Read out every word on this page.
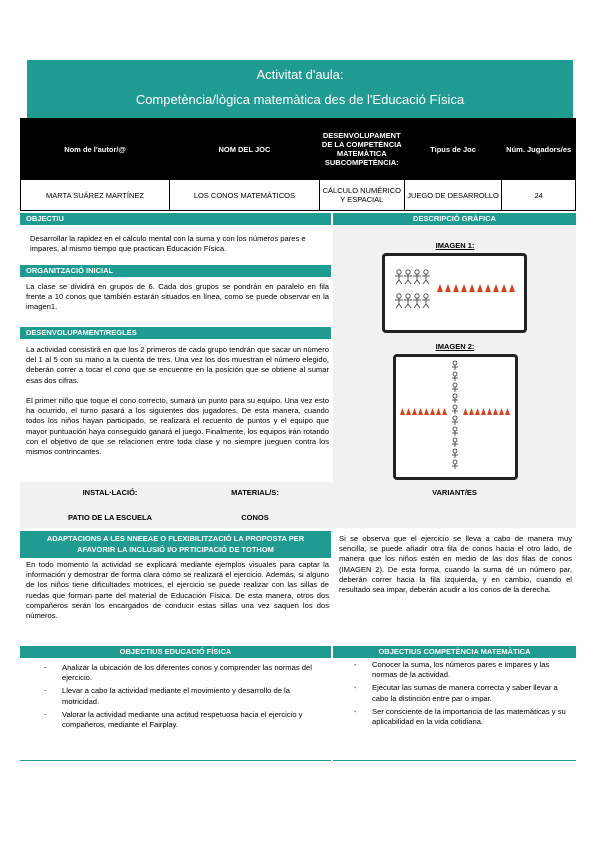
Activitat d'aula:
Competència/lògica matemàtica des de l'Educació Física
Nom de l'autor/@	NOM DEL JOC	DESENVOLUPAMENT DE LA COMPETÈNCIA MATEMÀTICA SUBCOMPETÈNCIA:	Tipus de Joc	Núm. Jugadors/es
MARTA SUÁREZ MARTÍNEZ	LOS CONOS MATEMÁTICOS	CÁLCULO NUMÉRICO Y ESPACIAL	JUEGO DE DESARROLLO	24
OBJECTIU
Desarrollar la rapidez en el cálculo mental con la suma y con los números pares e impares, al mismo tiempo que practican Educación Física.
DESCRIPCIÓ GRÀFICA
IMAGEN 1:
IMAGEN 2:
ORGANITZACIÓ INICIAL
La clase se dividirá en grupos de 6. Cada dos grupos se pondrán en paralelo en fila frente a 10 conos que también estarán situados en línea, como se puede observar en la imagen1.
DESENVOLUPAMENT/REGLES
La actividad consistirá en que los 2 primeros de cada grupo tendrán que sacar un número del 1 al 5 con su mano a la cuenta de tres. Una vez los dos muestran el número elegido, deberán correr a tocar el cono que se encuentre en la posición que se obtiene al sumar esas dos cifras.
El primer niño que toque el cono correcto, sumará un punto para su equipo. Una vez esto ha ocurrido, el turno pasará a los siguientes dos jugadores. De esta manera, cuando todos los niños hayan participado, se realizará el recuento de puntos y el equipo que mayor puntuación haya conseguido ganará el juego. Finalmente, los equipos irán rotando con el objetivo de que se relacionen entre toda clase y no siempre jueguen contra los mismos contrincantes.
INSTAL·LACIÓ:	MATERIAL/S:	VARIANT/ES
PATIO DE LA ESCUELA	CONOS
ADAPTACIONS A LES NNEEAE O FLEXIBILITZACIÓ LA PROPOSTA PER
AFAVORIR LA INCLUSIÓ I/O PRTICIPACIÓ DE TOTHOM
En todo momento la actividad se explicará mediante ejemplos visuales para captar la información y demostrar de forma clara cómo se realizará el ejercicio. Además, si alguno de los niños tiene dificultades motrices, el ejercicio se puede realizar con las sillas de ruedas que forman parte del material de Educación Física. De esta manera, otros dos compañeros serán los encargados de conducir estas sillas una vez saquen los dos números.
Si se observa que el ejercicio se lleva a cabo de manera muy sencilla, se puede añadir otra fila de conos hacia el otro lado, de manera que los niños estén en medio de las dos filas de conos (IMAGEN 2). De esta forma, cuando la suma dé un número par, deberán correr hacia la fila izquierda, y en cambio, cuando el resultado sea impar, deberán acudir a los conos de la derecha.
OBJECTIUS EDUCACIÓ FÍSICA
- Analizar la ubicación de los diferentes conos y comprender las normas del ejercicio.
- Llevar a cabo la actividad mediante el movimiento y desarrollo de la motricidad.
- Valorar la actividad mediante una actitud respetuosa hacia el ejercicio y compañeros, mediante el Fairplay.
OBJECTIUS COMPETÈNCIA MATEMÀTICA
- Conocer la suma, los números pares e impares y las normas de la actividad.
- Ejecutar las sumas de manera correcta y saber llevar a cabo la distinción entre par o impar.
- Ser consciente de la importancia de las matemáticas y su aplicabilidad en la vida cotidiana.
